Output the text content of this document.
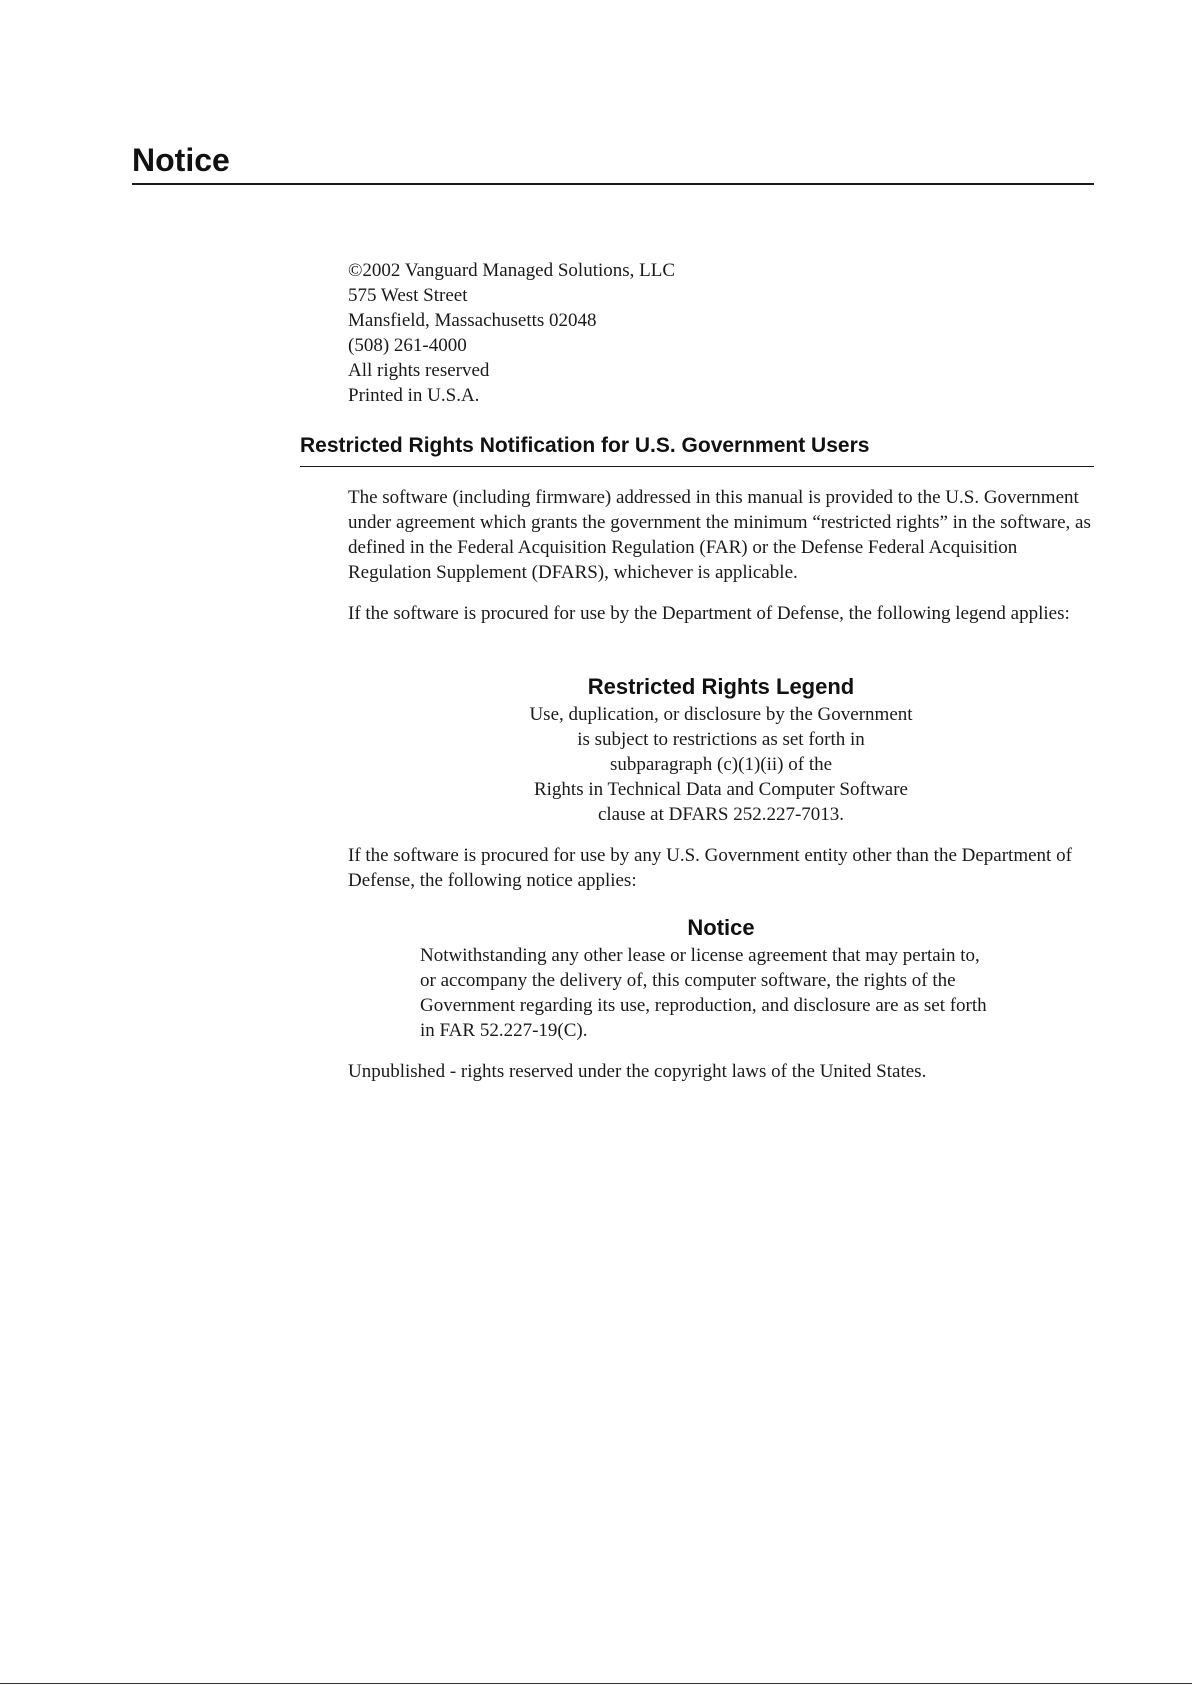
Notice
©2002 Vanguard Managed Solutions, LLC
575 West Street
Mansfield, Massachusetts 02048
(508) 261-4000
All rights reserved
Printed in U.S.A.
Restricted Rights Notification for U.S. Government Users

The software (including firmware) addressed in this manual is provided to the U.S. Government under agreement which grants the government the minimum “restricted rights” in the software, as defined in the Federal Acquisition Regulation (FAR) or the Defense Federal Acquisition Regulation Supplement (DFARS), whichever is applicable.

If the software is procured for use by the Department of Defense, the following legend applies:

Restricted Rights Legend
Use, duplication, or disclosure by the Government
is subject to restrictions as set forth in
subparagraph (c)(1)(ii) of the
Rights in Technical Data and Computer Software
clause at DFARS 252.227-7013.

If the software is procured for use by any U.S. Government entity other than the Department of Defense, the following notice applies:

Notice
Notwithstanding any other lease or license agreement that may pertain to,
or accompany the delivery of, this computer software, the rights of the
Government regarding its use, reproduction, and disclosure are as set forth
in FAR 52.227-19(C).

Unpublished - rights reserved under the copyright laws of the United States.
